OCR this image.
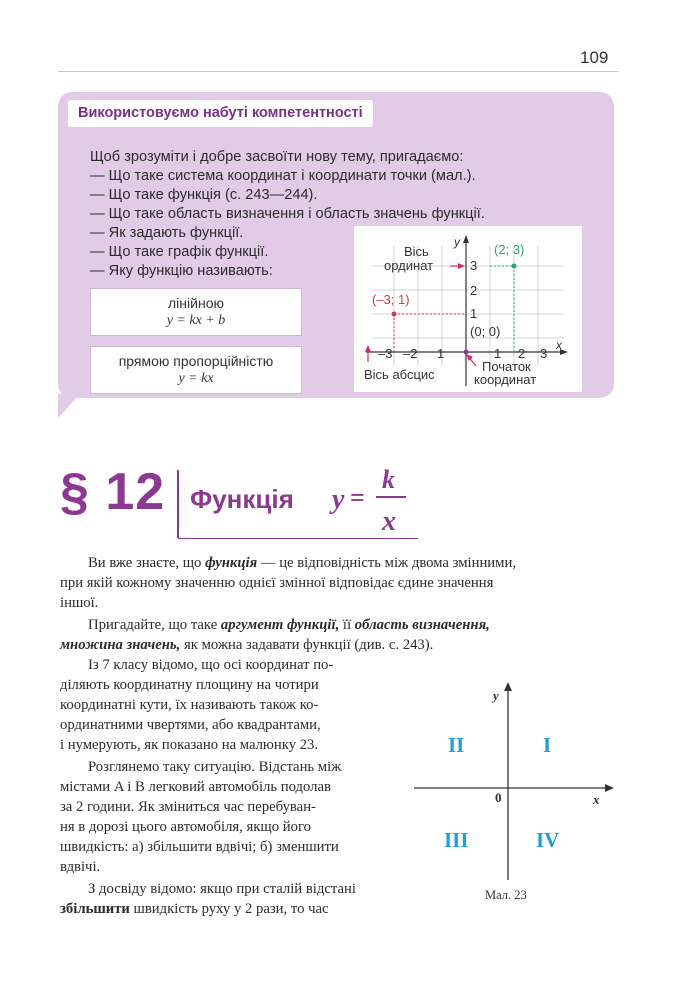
109
Використовуємо набуті компетентності
Щоб зрозуміти і добре засвоїти нову тему, пригадаємо:
— Що таке система координат і координати точки (мал.).
— Що таке функція (с. 243—244).
— Що таке область визначення і область значень функції.
— Як задають функції.
— Що таке графік функції.
— Яку функцію називають:
лінійною
y = kx + b
прямою пропорційністю
y = kx
x
y
3
2
1
–3 –2 1	1 2 3
(2; 3)
(–3; 1)
(0; 0)
Вісь
ординат
Вісь абсцис
Початок
координат
§ 12 Функція y =
k
x
Ви вже знаєте, що функція — це відповідність між двома змінними,
при якій кожному значенню однієї змінної відповідає єдине значення
іншої.
Пригадайте, що таке аргумент функції, її область визначення,
множина значень, як можна задавати функції (див. с. 243).
Із 7 класу відомо, що осі координат по-
діляють координатну площину на чотири
координатні кути, їх називають також ко-
ординатними чвертями, або квадрантами,
і нумерують, як показано на малюнку 23.
Розглянемо таку ситуацію. Відстань між
містами A і B легковий автомобіль подолав
за 2 години. Як зміниться час перебуван-
ня в дорозі цього автомобіля, якщо його
швидкість: а) збільшити вдвічі; б) зменшити
вдвічі.
З досвіду відомо: якщо при сталій відстані
збільшити швидкість руху у 2 рази, то час
x
y
0
I
II
III	IV
Мал. 23
